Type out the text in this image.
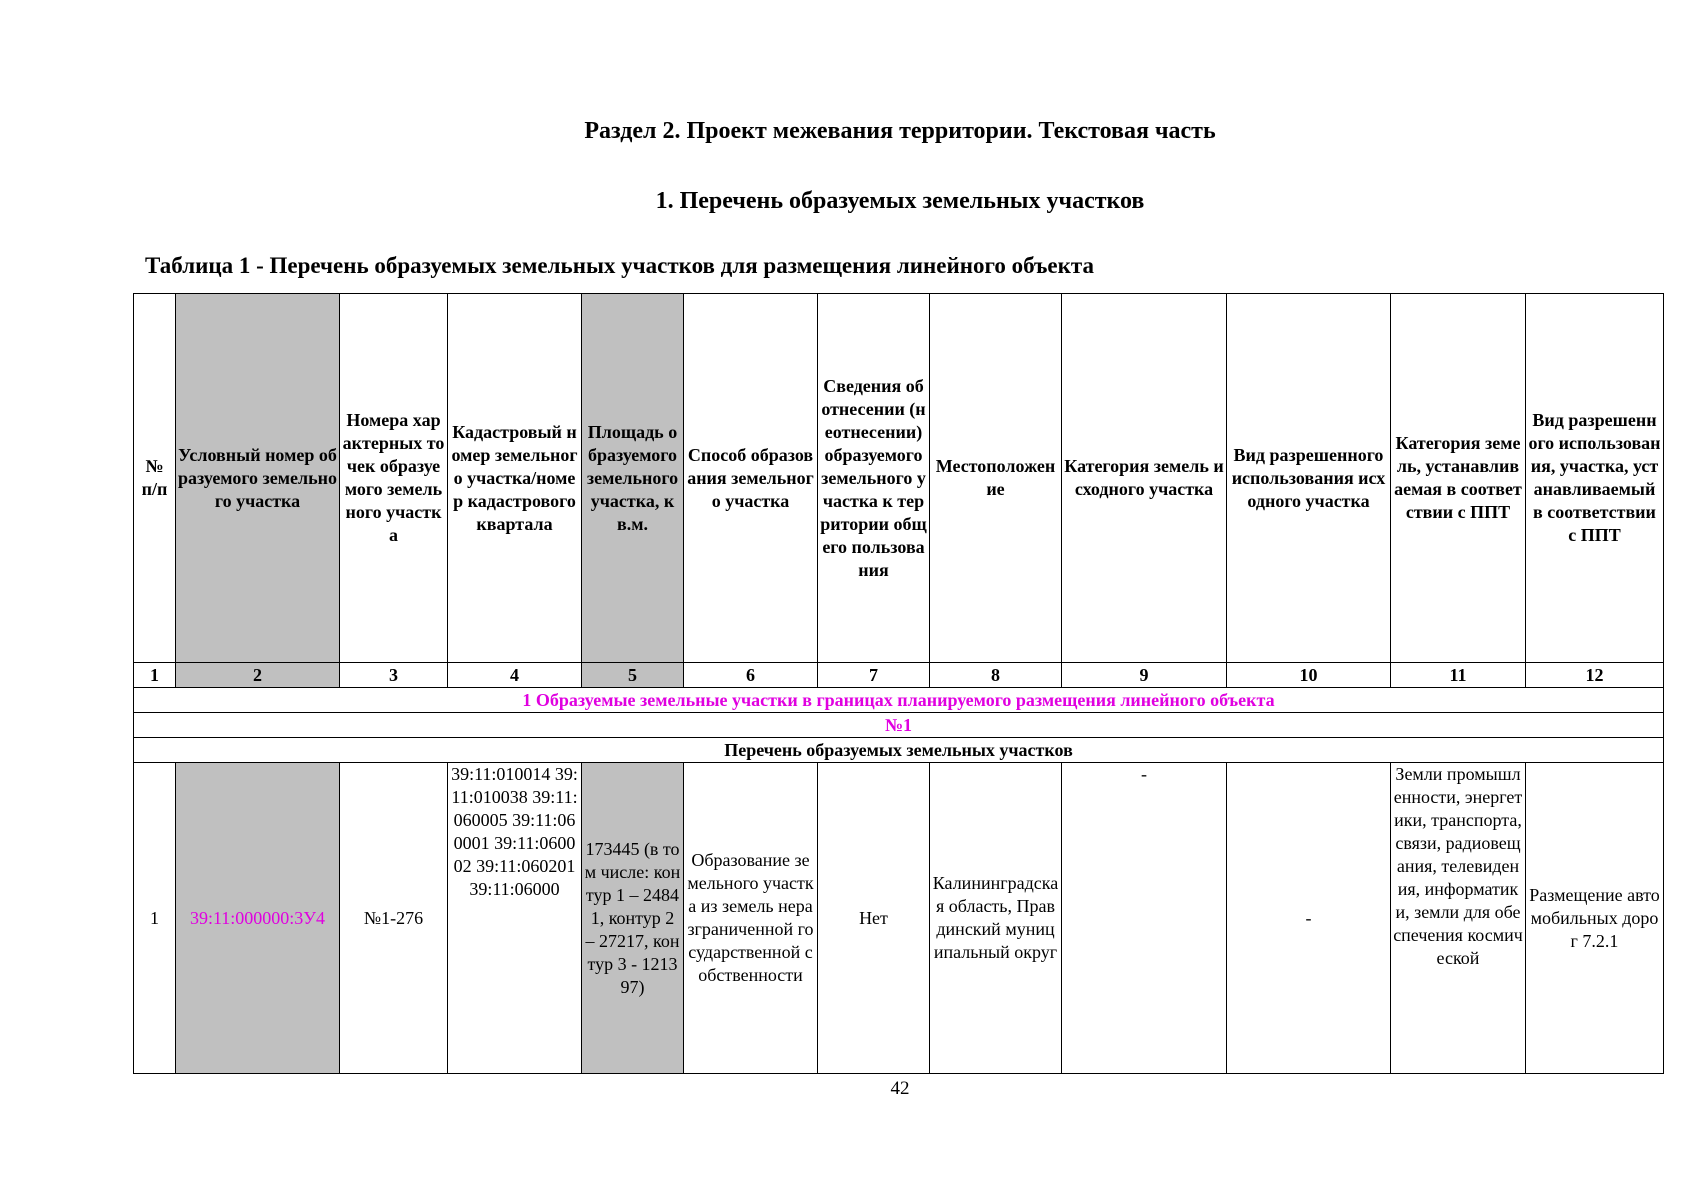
Раздел 2. Проект межевания территории. Текстовая часть
1. Перечень образуемых земельных участков
Таблица 1 - Перечень образуемых земельных участков для размещения линейного объекта
№ п/п	Условный номер образуемого земельного участка	Номера характерных точек образуемого земельного участка	Кадастровый номер земельного участка/номер кадастрового квартала	Площадь образуемого земельного участка, кв.м.	Способ образования земельного участка	Сведения об отнесении (неотнесении) образуемого земельного участка к территории общего пользования	Местоположение	Категория земель исходного участка	Вид разрешенного использования исходного участка	Категория земель, устанавливаемая в соответствии с ППТ	Вид разрешенного использования, участка, устанавливаемый в соответствии с ППТ
1	2	3	4	5	6	7	8	9	10	11	12
1 Образуемые земельные участки в границах планируемого размещения линейного объекта											
№1											
Перечень образуемых земельных участков											
1	39:11:000000:3У4	№1-276	39:11:010014 39:11:010038 39:11:060005 39:11:060001 39:11:060002 39:11:060201 39:11:06000	173445 (в том числе: контур 1 – 24841, контур 2 – 27217, контур 3 - 121397)	Образование земельного участка из земель неразграниченной государственной собственности	Нет	Калининградская область, Правдинский муниципальный округ	-	-	Земли промышленности, энергетики, транспорта, связи, радиовещания, телевидения, информатики, земли для обеспечения космической	Размещение автомобильных дорог 7.2.1
42
